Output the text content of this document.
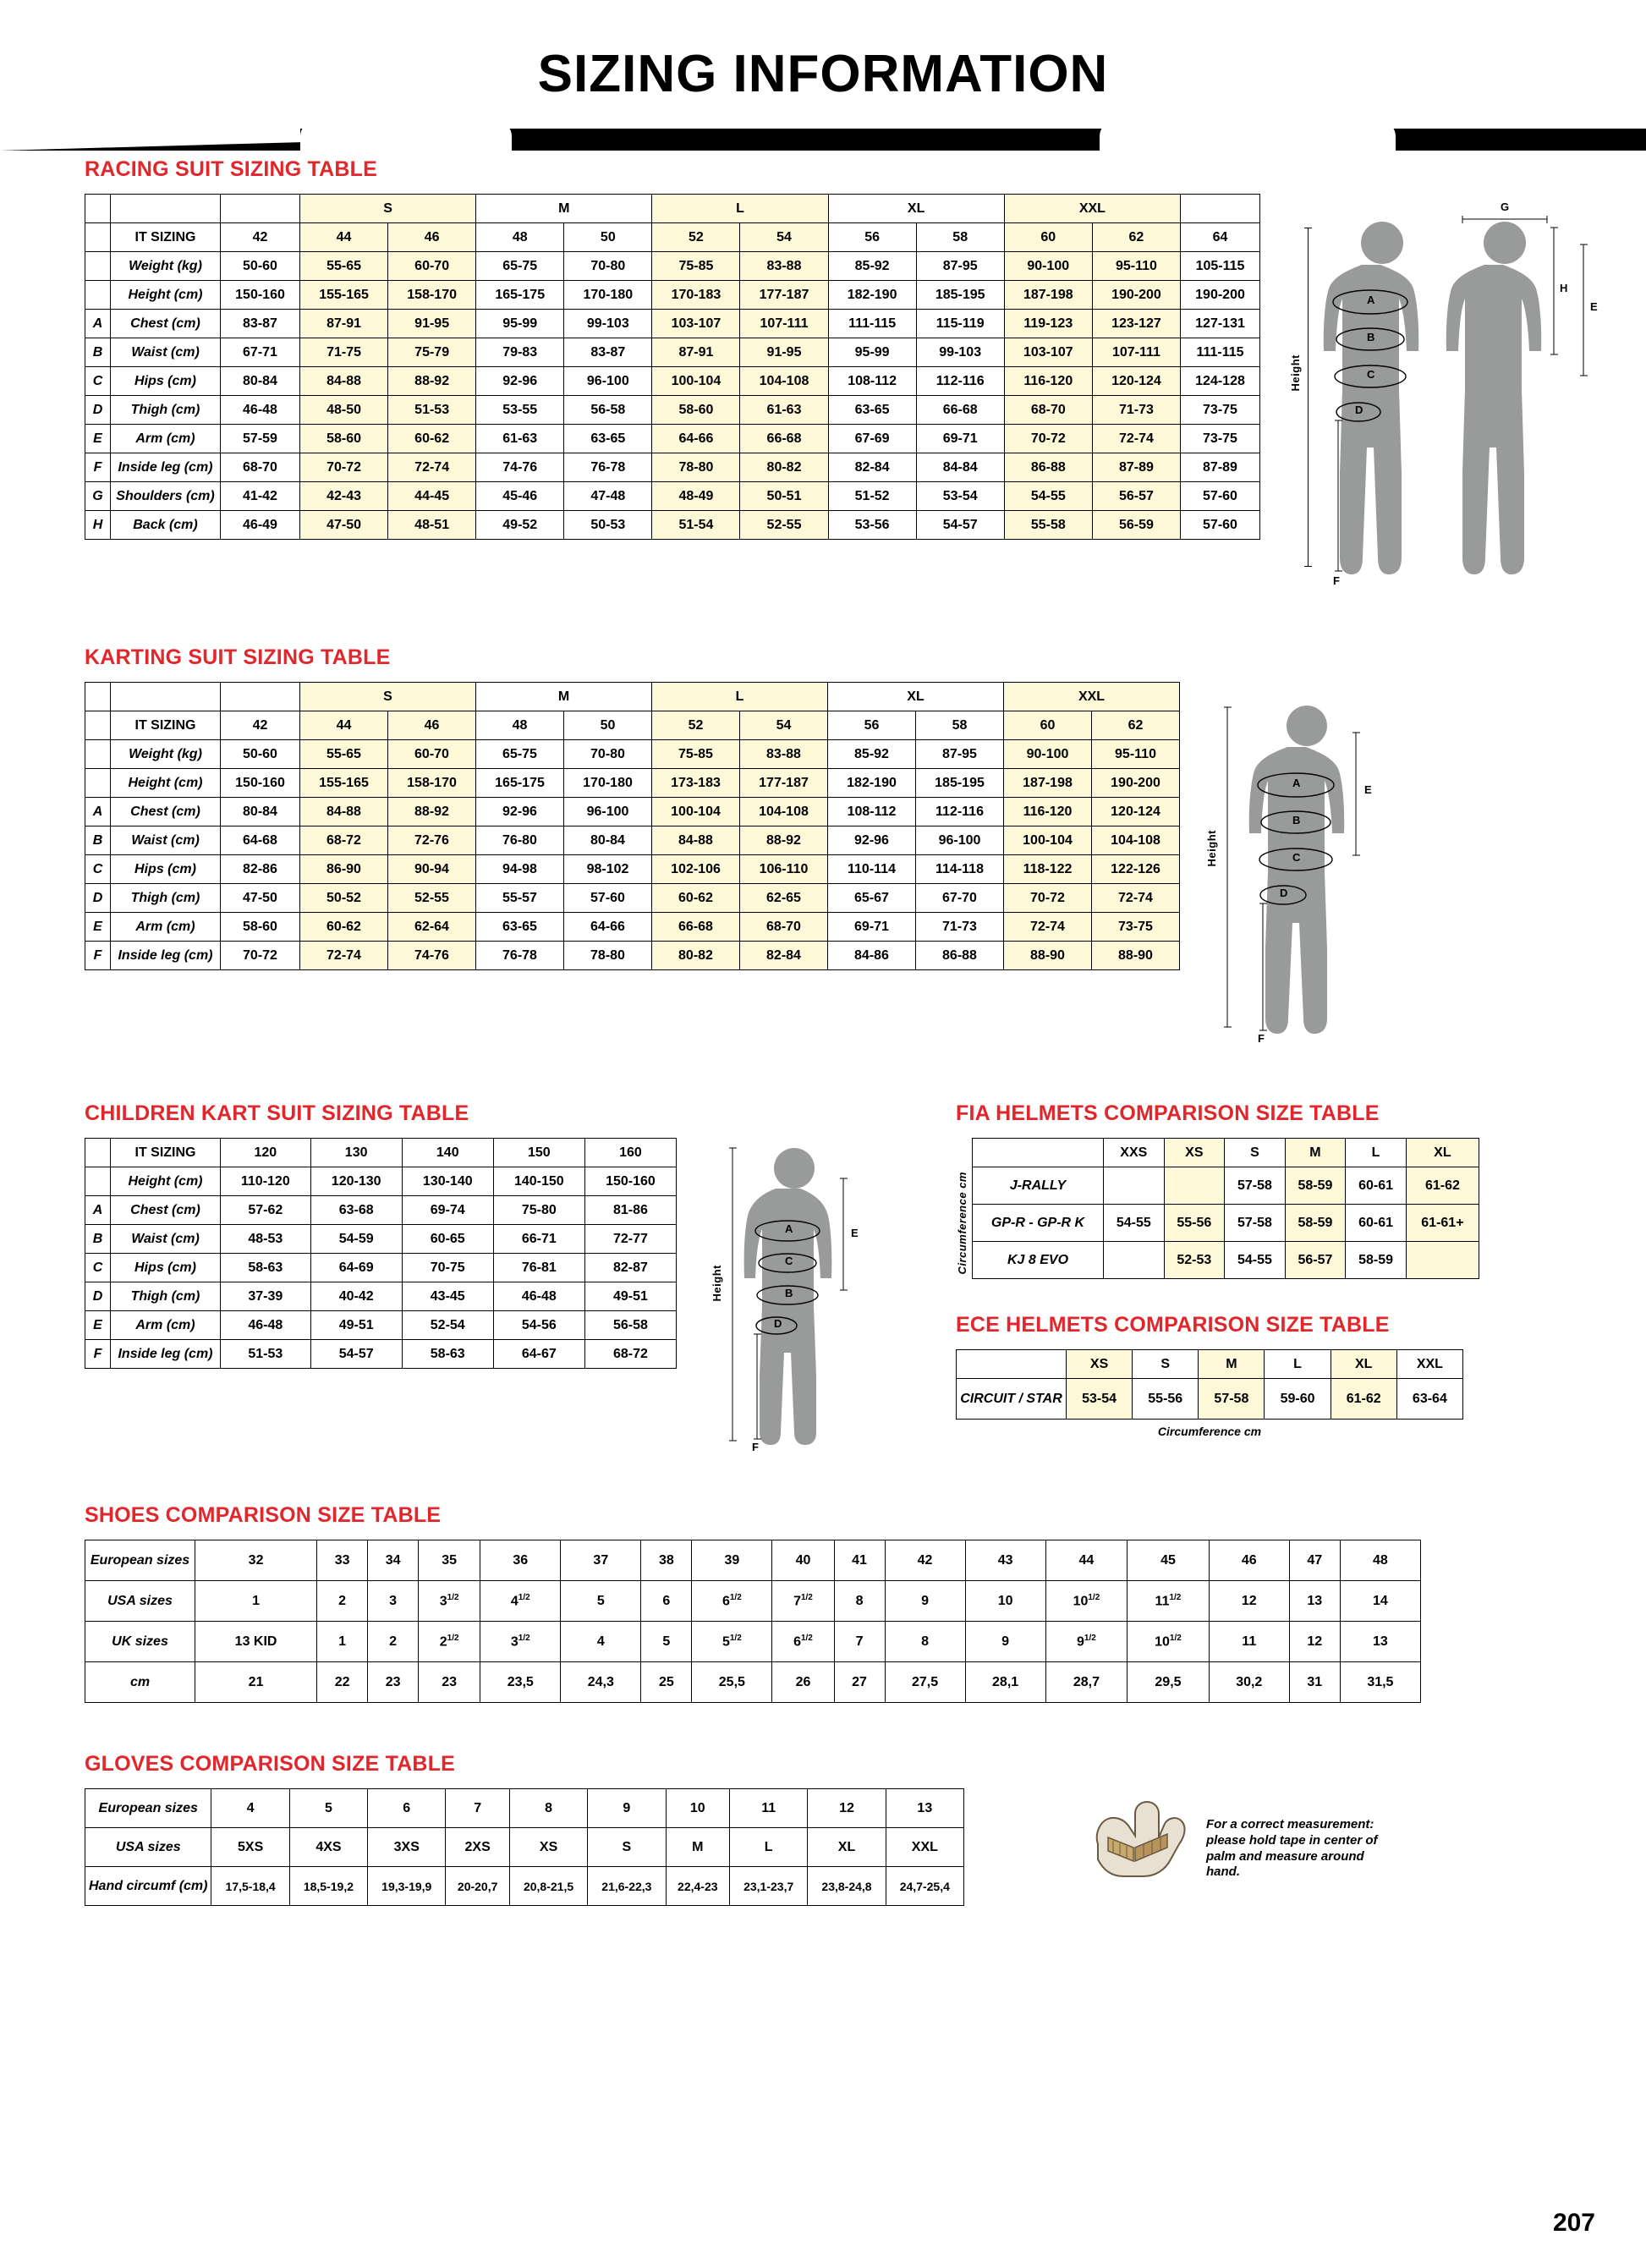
SIZING INFORMATION
RACING SUIT SIZING TABLE
			S		M		L		XL		XXL		
	IT SIZING	42	44	46	48	50	52	54	56	58	60	62	64
	Weight (kg)	50-60	55-65	60-70	65-75	70-80	75-85	83-88	85-92	87-95	90-100	95-110	105-115
	Height (cm)	150-160	155-165	158-170	165-175	170-180	170-183	177-187	182-190	185-195	187-198	190-200	190-200
A	Chest (cm)	83-87	87-91	91-95	95-99	99-103	103-107	107-111	111-115	115-119	119-123	123-127	127-131
B	Waist (cm)	67-71	71-75	75-79	79-83	83-87	87-91	91-95	95-99	99-103	103-107	107-111	111-115
C	Hips (cm)	80-84	84-88	88-92	92-96	96-100	100-104	104-108	108-112	112-116	116-120	120-124	124-128
D	Thigh (cm)	46-48	48-50	51-53	53-55	56-58	58-60	61-63	63-65	66-68	68-70	71-73	73-75
E	Arm (cm)	57-59	58-60	60-62	61-63	63-65	64-66	66-68	67-69	69-71	70-72	72-74	73-75
F	Inside leg (cm)	68-70	70-72	72-74	74-76	76-78	78-80	80-82	82-84	84-84	86-88	87-89	87-89
G	Shoulders (cm)	41-42	42-43	44-45	45-46	47-48	48-49	50-51	51-52	53-54	54-55	56-57	57-60
H	Back (cm)	46-49	47-50	48-51	49-52	50-53	51-54	52-55	53-56	54-57	55-58	56-59	57-60
Height
A
B
C
D
E
F
G
H
KARTING SUIT SIZING TABLE
			S		M		L		XL		XXL	
	IT SIZING	42	44	46	48	50	52	54	56	58	60	62
	Weight (kg)	50-60	55-65	60-70	65-75	70-80	75-85	83-88	85-92	87-95	90-100	95-110
	Height (cm)	150-160	155-165	158-170	165-175	170-180	173-183	177-187	182-190	185-195	187-198	190-200
A	Chest (cm)	80-84	84-88	88-92	92-96	96-100	100-104	104-108	108-112	112-116	116-120	120-124
B	Waist (cm)	64-68	68-72	72-76	76-80	80-84	84-88	88-92	92-96	96-100	100-104	104-108
C	Hips (cm)	82-86	86-90	90-94	94-98	98-102	102-106	106-110	110-114	114-118	118-122	122-126
D	Thigh (cm)	47-50	50-52	52-55	55-57	57-60	60-62	62-65	65-67	67-70	70-72	72-74
E	Arm (cm)	58-60	60-62	62-64	63-65	64-66	66-68	68-70	69-71	71-73	72-74	73-75
F	Inside leg (cm)	70-72	72-74	74-76	76-78	78-80	80-82	82-84	84-86	86-88	88-90	88-90
Height
A
B
C
D
E
F
CHILDREN KART SUIT SIZING TABLE
	IT SIZING	120	130	140	150	160
	Height (cm)	110-120	120-130	130-140	140-150	150-160
A	Chest (cm)	57-62	63-68	69-74	75-80	81-86
B	Waist (cm)	48-53	54-59	60-65	66-71	72-77
C	Hips (cm)	58-63	64-69	70-75	76-81	82-87
D	Thigh (cm)	37-39	40-42	43-45	46-48	49-51
E	Arm (cm)	46-48	49-51	52-54	54-56	56-58
F	Inside leg (cm)	51-53	54-57	58-63	64-67	68-72
Height
A
C
B
D
E
F
FIA HELMETS COMPARISON SIZE TABLE
Circumference cm
	XXS	XS	S	M	L	XL
J-RALLY			57-58	58-59	60-61	61-62
GP-R - GP-R K	54-55	55-56	57-58	58-59	60-61	61-61+
KJ 8 EVO		52-53	54-55	56-57	58-59	
ECE HELMETS COMPARISON SIZE TABLE
	XS	S	M	L	XL	XXL
CIRCUIT / STAR	53-54	55-56	57-58	59-60	61-62	63-64
Circumference cm
SHOES COMPARISON SIZE TABLE
European sizes	32	33	34	35	36	37	38	39	40	41	42	43	44	45	46	47	48
USA sizes	1	2	3	$3^{1/2}$	$4^{1/2}$	5	6	$6^{1/2}$	$7^{1/2}$	8	9	10	$10^{1/2}$	$11^{1/2}$	12	13	14
UK sizes	13 KID	1	2	$2^{1/2}$	$3^{1/2}$	4	5	$5^{1/2}$	$6^{1/2}$	7	8	9	$9^{1/2}$	$10^{1/2}$	11	12	13
cm	21	22	23	23	23,5	24,3	25	25,5	26	27	27,5	28,1	28,7	29,5	30,2	31	31,5
GLOVES COMPARISON SIZE TABLE
European sizes	4	5	6	7	8	9	10	11	12	13
USA sizes	5XS	4XS	3XS	2XS	XS	S	M	L	XL	XXL
Hand circumf (cm)	17,5-18,4	18,5-19,2	19,3-19,9	20-20,7	20,8-21,5	21,6-22,3	22,4-23	23,1-23,7	23,8-24,8	24,7-25,4
For a correct measurement: please hold tape in center of palm and measure around hand.
207
